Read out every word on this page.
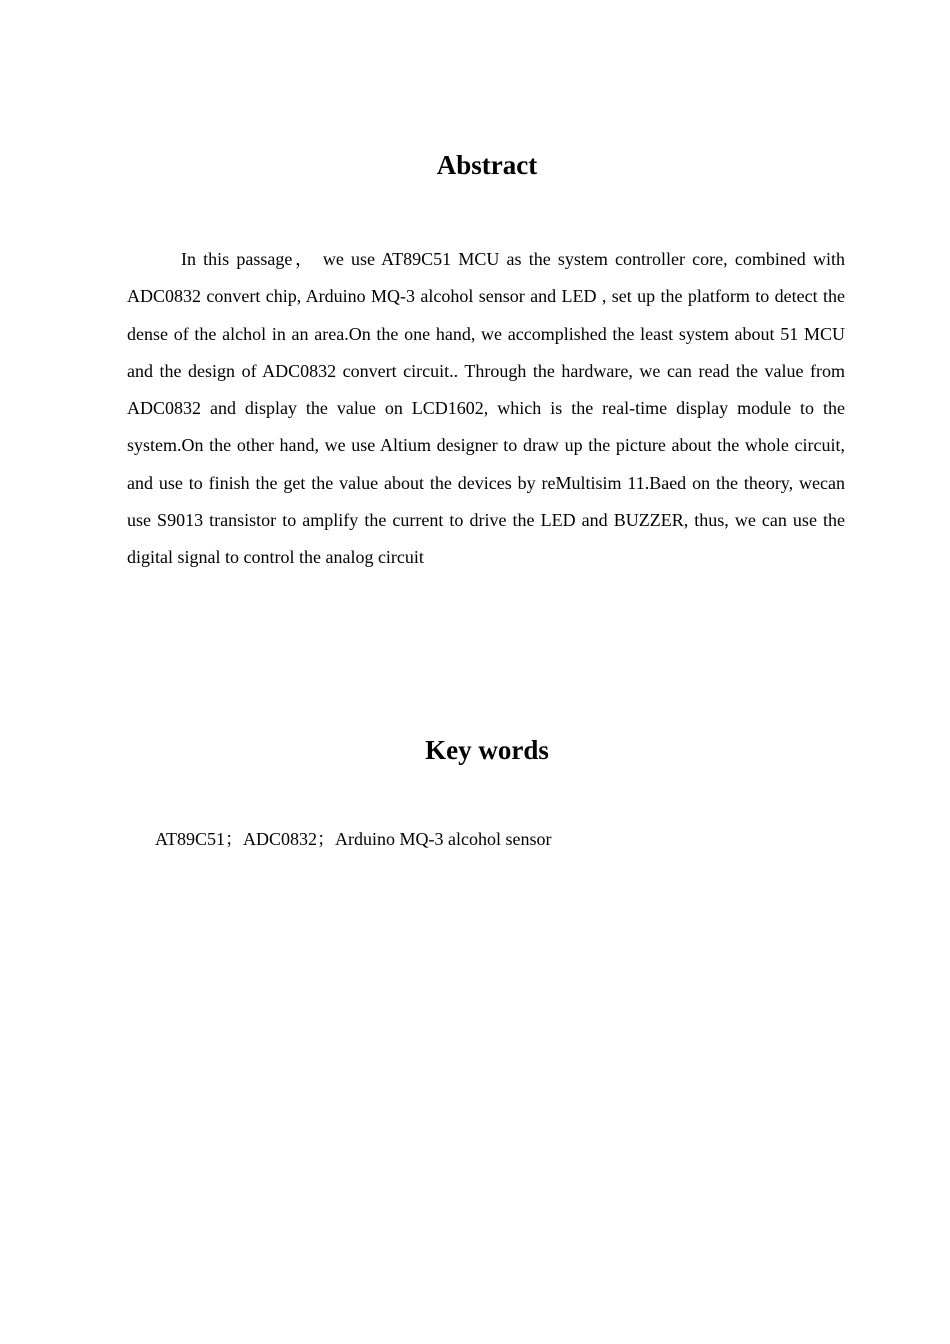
Abstract

In this passage， we use AT89C51 MCU as the system controller core, combined with ADC0832 convert chip, Arduino MQ-3 alcohol sensor and LED , set up the platform to detect the dense of the alchol in an area.On the one hand, we accomplished the least system about 51 MCU and the design of ADC0832 convert circuit.. Through the hardware, we can read the value from ADC0832 and display the value on LCD1602, which is the real-time display module to the system.On the other hand, we use Altium designer to draw up the picture about the whole circuit, and use to finish the get the value about the devices by reMultisim 11.Baed on the theory, wecan use S9013 transistor to amplify the current to drive the LED and BUZZER, thus, we can use the digital signal to control the analog circuit

Key words

AT89C51；ADC0832；Arduino MQ-3 alcohol sensor
